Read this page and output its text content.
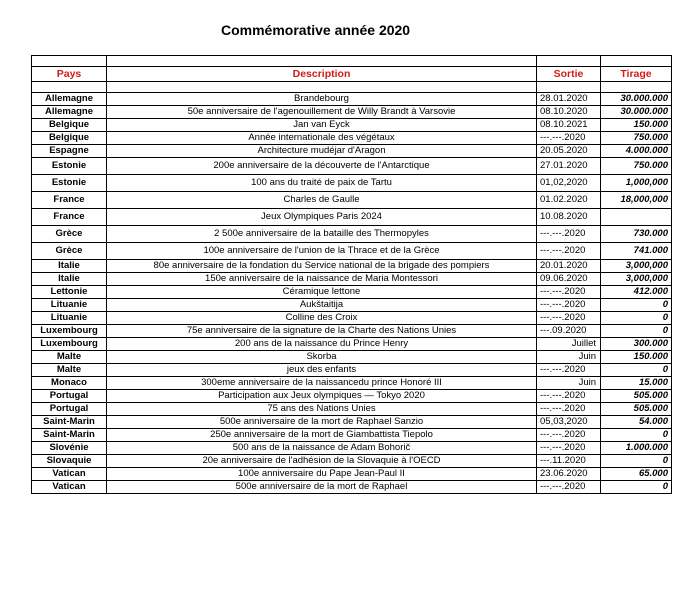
Commémorative année 2020

Pays	Description	Sortie	Tirage

Allemagne	Brandebourg	28.01.2020	30.000.000
Allemagne	50e anniversaire de l'agenouillement de Willy Brandt à Varsovie	08.10.2020	30.000.000
Belgique	Jan van Eyck	08.10.2021	150.000
Belgique	Année internationale des végétaux	---.---.2020	750.000
Espagne	Architecture mudéjar d'Aragon	20.05.2020	4.000.000
Estonie	200e anniversaire de la découverte de l'Antarctique	27.01.2020	750.000
Estonie	100 ans du traité de paix de Tartu	01,02,2020	1,000,000
France	Charles de Gaulle	01.02.2020	18,000,000
France	Jeux Olympiques Paris 2024	10.08.2020	
Grèce	2 500e anniversaire de la bataille des Thermopyles	---.---.2020	730.000
Grèce	100e anniversaire de l'union de la Thrace et de la Grèce	---.---.2020	741.000
Italie	80e anniversaire de la fondation du Service national de la brigade des pompiers	20.01.2020	3,000,000
Italie	150e anniversaire de la naissance de Maria Montessori	09.06.2020	3,000,000
Lettonie	Céramique lettone	---.---.2020	412.000
Lituanie	Aukštaitija	---.---.2020	0
Lituanie	Colline des Croix	---.---.2020	0
Luxembourg	75e anniversaire de la signature de la Charte des Nations Unies	---.09.2020	0
Luxembourg	200 ans de la naissance du Prince Henry	Juillet	300.000
Malte	Skorba	Juin	150.000
Malte	jeux des enfants	---.---.2020	0
Monaco	300eme anniversaire de la naissancedu prince Honoré III	Juin	15.000
Portugal	Participation aux Jeux olympiques — Tokyo 2020	---.---.2020	505.000
Portugal	75 ans des Nations Unies	---.---.2020	505.000
Saint-Marin	500e anniversaire de la mort de Raphael Sanzio	05,03,2020	54.000
Saint-Marin	250e anniversaire de la mort de Giambattista Tiepolo	---.---.2020	0
Slovénie	500 ans de la naissance de Adam Bohorič	---.---.2020	1.000.000
Slovaquie	20e anniversaire de l'adhésion de la Slovaquie à l'OECD	---.11.2020	0
Vatican	100e anniversaire du Pape Jean-Paul II	23.06.2020	65.000
Vatican	500e anniversaire de la mort de Raphael	---.---.2020	0
